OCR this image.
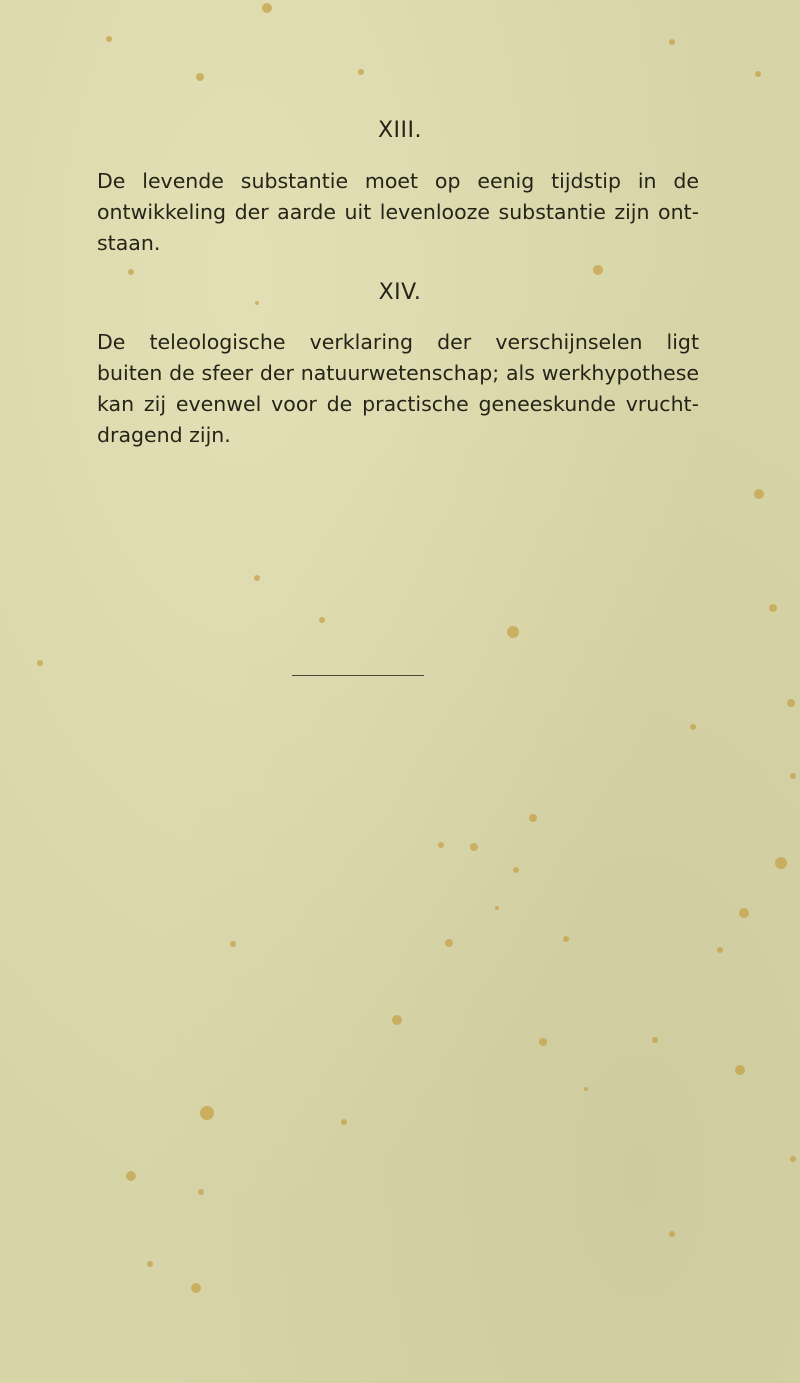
XIII.

De levende substantie moet op eenig tijdstip in de
ontwikkeling der aarde uit levenlooze substantie zijn ont-
staan.

XIV.

De teleologische verklaring der verschijnselen ligt
buiten de sfeer der natuurwetenschap; als werkhypothese
kan zij evenwel voor de practische geneeskunde vrucht-
dragend zijn.
